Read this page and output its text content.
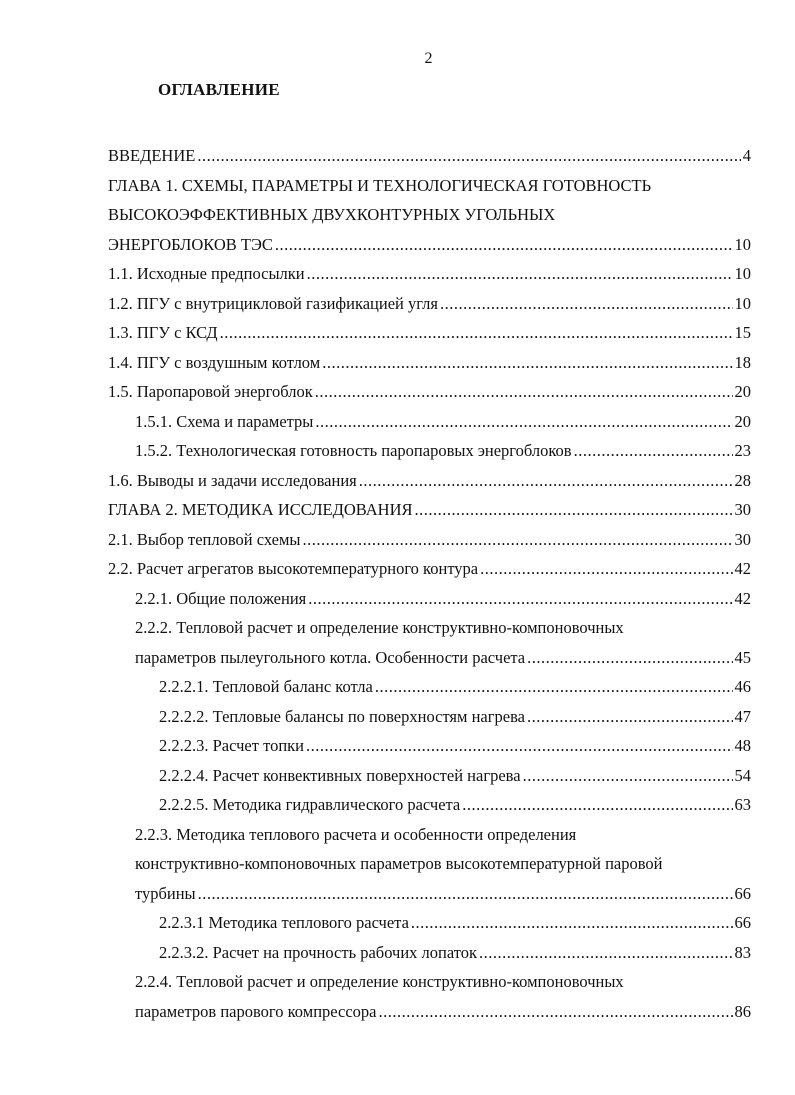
2
ОГЛАВЛЕНИЕ
ВВЕДЕНИЕ .....	4
ГЛАВА 1. СХЕМЫ, ПАРАМЕТРЫ И ТЕХНОЛОГИЧЕСКАЯ ГОТОВНОСТЬ
ВЫСОКОЭФФЕКТИВНЫХ ДВУХКОНТУРНЫХ УГОЛЬНЫХ
ЭНЕРГОБЛОКОВ ТЭС .....	10
1.1. Исходные предпосылки .....	10
1.2. ПГУ с внутрицикловой газификацией угля .....	10
1.3. ПГУ с КСД .....	15
1.4. ПГУ с воздушным котлом .....	18
1.5. Паропаровой энергоблок .....	20
1.5.1. Схема и параметры .....	20
1.5.2. Технологическая готовность паропаровых энергоблоков .....	23
1.6. Выводы и задачи исследования .....	28
ГЛАВА 2. МЕТОДИКА ИССЛЕДОВАНИЯ .....	30
2.1. Выбор тепловой схемы .....	30
2.2. Расчет агрегатов высокотемпературного контура .....	42
2.2.1. Общие положения .....	42
2.2.2. Тепловой расчет и определение конструктивно-компоновочных
параметров пылеугольного котла. Особенности расчета .....	45
2.2.2.1. Тепловой баланс котла .....	46
2.2.2.2. Тепловые балансы по поверхностям нагрева .....	47
2.2.2.3. Расчет топки .....	48
2.2.2.4. Расчет конвективных поверхностей нагрева .....	54
2.2.2.5. Методика гидравлического расчета .....	63
2.2.3. Методика теплового расчета и особенности определения
конструктивно-компоновочных параметров высокотемпературной паровой
турбины .....	66
2.2.3.1 Методика теплового расчета .....	66
2.2.3.2. Расчет на прочность рабочих лопаток .....	83
2.2.4. Тепловой расчет и определение конструктивно-компоновочных
параметров парового компрессора .....	86
